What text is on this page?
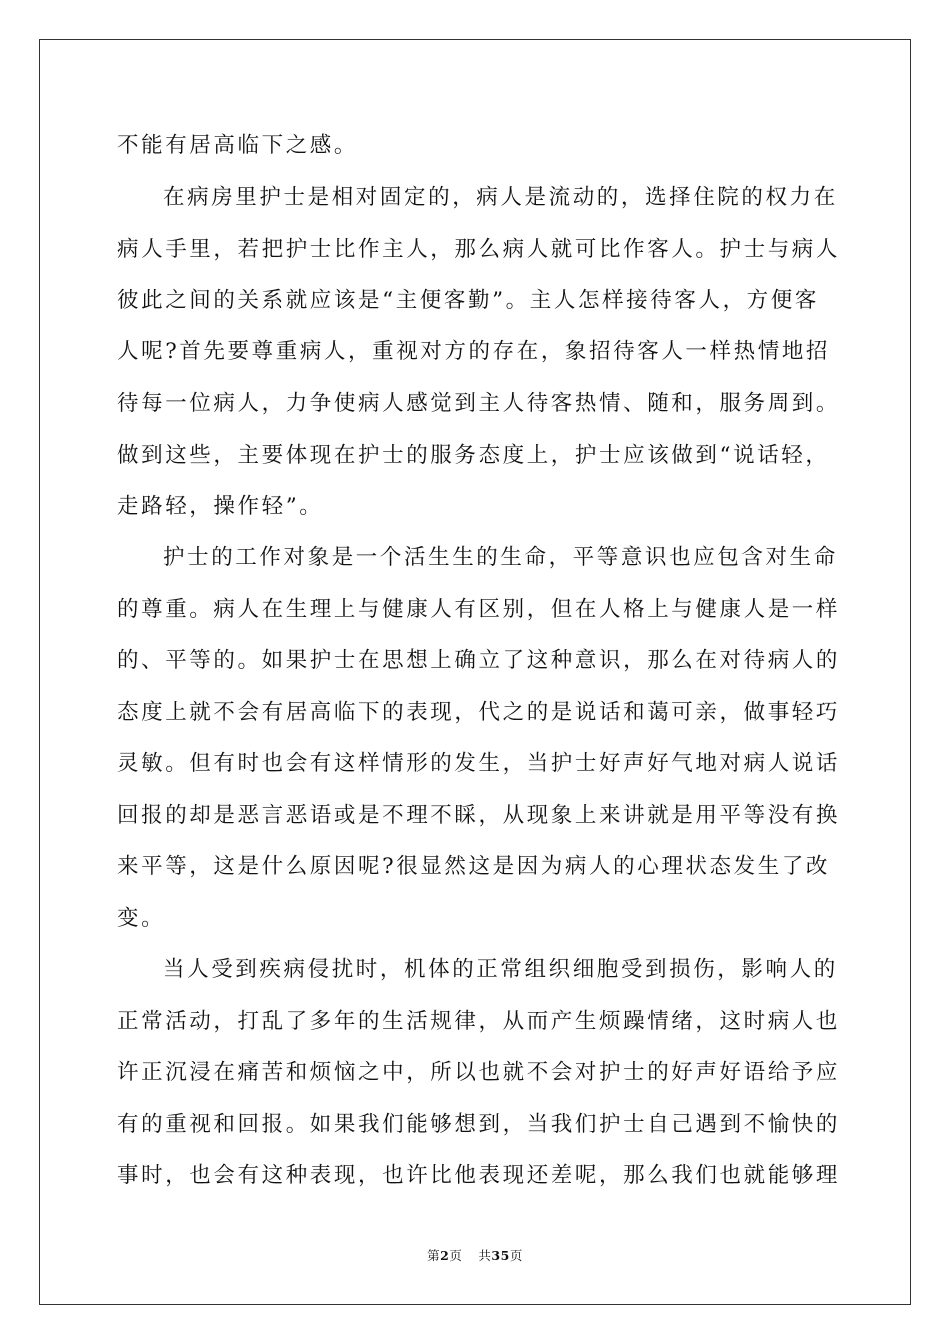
不能有居高临下之感。
在病房里护士是相对固定的，病人是流动的，选择住院的权力在
病人手里，若把护士比作主人，那么病人就可比作客人。护士与病人
彼此之间的关系就应该是“主便客勤”。主人怎样接待客人，方便客
人呢?首先要尊重病人，重视对方的存在，象招待客人一样热情地招
待每一位病人，力争使病人感觉到主人待客热情、随和，服务周到。
做到这些，主要体现在护士的服务态度上，护士应该做到“说话轻，
走路轻，操作轻”。
护士的工作对象是一个活生生的生命，平等意识也应包含对生命
的尊重。病人在生理上与健康人有区别，但在人格上与健康人是一样
的、平等的。如果护士在思想上确立了这种意识，那么在对待病人的
态度上就不会有居高临下的表现，代之的是说话和蔼可亲，做事轻巧
灵敏。但有时也会有这样情形的发生，当护士好声好气地对病人说话
回报的却是恶言恶语或是不理不睬，从现象上来讲就是用平等没有换
来平等，这是什么原因呢?很显然这是因为病人的心理状态发生了改
变。
当人受到疾病侵扰时，机体的正常组织细胞受到损伤，影响人的
正常活动，打乱了多年的生活规律，从而产生烦躁情绪，这时病人也
许正沉浸在痛苦和烦恼之中，所以也就不会对护士的好声好语给予应
有的重视和回报。如果我们能够想到，当我们护士自己遇到不愉快的
事时，也会有这种表现，也许比他表现还差呢，那么我们也就能够理
第2页 共35页
